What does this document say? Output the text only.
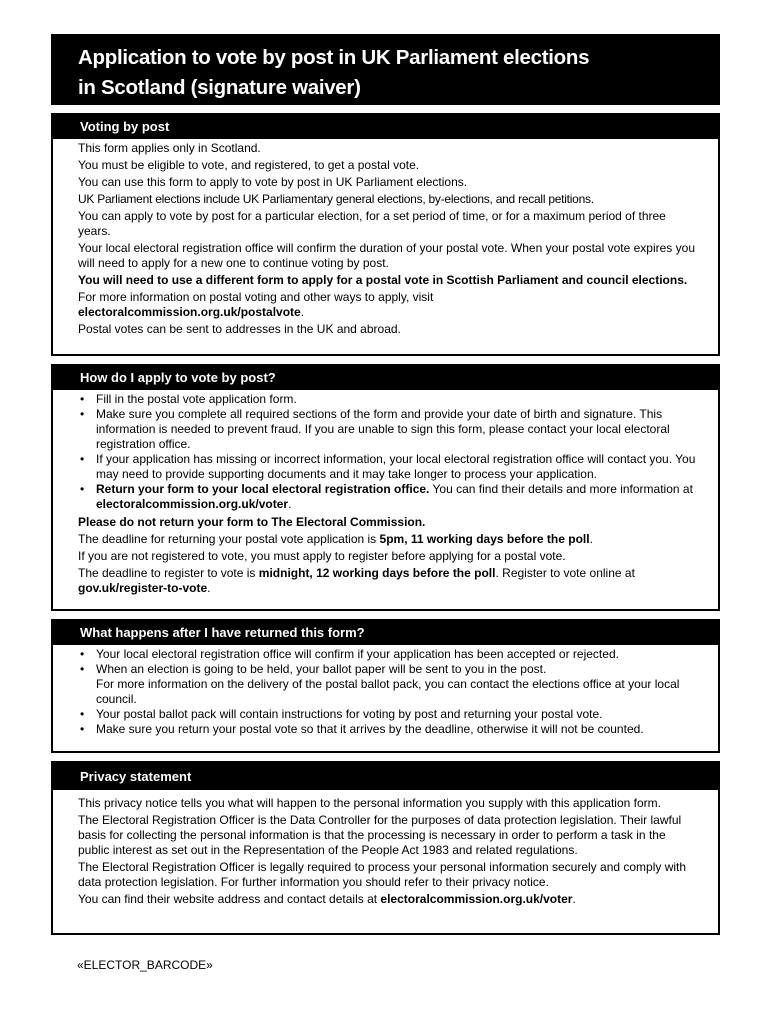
Application to vote by post in UK Parliament elections
in Scotland (signature waiver)
Voting by post

This form applies only in Scotland.

You must be eligible to vote, and registered, to get a postal vote.

You can use this form to apply to vote by post in UK Parliament elections.

UK Parliament elections include UK Parliamentary general elections, by-elections, and recall petitions.

You can apply to vote by post for a particular election, for a set period of time, or for a maximum period of three years.

Your local electoral registration office will confirm the duration of your postal vote. When your postal vote expires you will need to apply for a new one to continue voting by post.

You will need to use a different form to apply for a postal vote in Scottish Parliament and council elections.

For more information on postal voting and other ways to apply, visit
electoralcommission.org.uk/postalvote.

Postal votes can be sent to addresses in the UK and abroad.

How do I apply to vote by post?
• Fill in the postal vote application form.
• Make sure you complete all required sections of the form and provide your date of birth and signature. This information is needed to prevent fraud. If you are unable to sign this form, please contact your local electoral registration office.
• If your application has missing or incorrect information, your local electoral registration office will contact you. You may need to provide supporting documents and it may take longer to process your application.
• Return your form to your local electoral registration office. You can find their details and more information at electoralcommission.org.uk/voter.

Please do not return your form to The Electoral Commission.

The deadline for returning your postal vote application is 5pm, 11 working days before the poll.

If you are not registered to vote, you must apply to register before applying for a postal vote.

The deadline to register to vote is midnight, 12 working days before the poll. Register to vote online at gov.uk/register-to-vote.

What happens after I have returned this form?
• Your local electoral registration office will confirm if your application has been accepted or rejected.
• When an election is going to be held, your ballot paper will be sent to you in the post.
For more information on the delivery of the postal ballot pack, you can contact the elections office at your local council.
• Your postal ballot pack will contain instructions for voting by post and returning your postal vote.
• Make sure you return your postal vote so that it arrives by the deadline, otherwise it will not be counted.
Privacy statement

This privacy notice tells you what will happen to the personal information you supply with this application form.

The Electoral Registration Officer is the Data Controller for the purposes of data protection legislation. Their lawful basis for collecting the personal information is that the processing is necessary in order to perform a task in the public interest as set out in the Representation of the People Act 1983 and related regulations.

The Electoral Registration Officer is legally required to process your personal information securely and comply with data protection legislation. For further information you should refer to their privacy notice.

You can find their website address and contact details at electoralcommission.org.uk/voter.

«ELECTOR_BARCODE»
